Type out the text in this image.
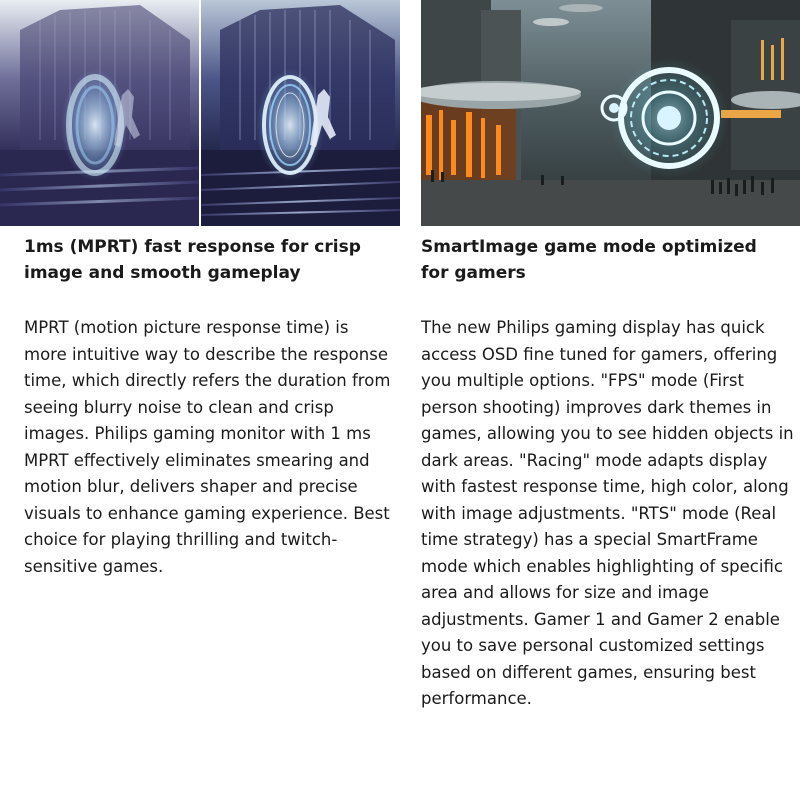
1ms (MPRT) fast response for crisp image and smooth gameplay
MPRT (motion picture response time) is more intuitive way to describe the response time, which directly refers the duration from seeing blurry noise to clean and crisp images. Philips gaming monitor with 1 ms MPRT effectively eliminates smearing and motion blur, delivers shaper and precise visuals to enhance gaming experience. Best choice for playing thrilling and twitch-sensitive games.
SmartImage game mode optimized for gamers
The new Philips gaming display has quick access OSD fine tuned for gamers, offering you multiple options. "FPS" mode (First person shooting) improves dark themes in games, allowing you to see hidden objects in dark areas. "Racing" mode adapts display with fastest response time, high color, along with image adjustments. "RTS" mode (Real time strategy) has a special SmartFrame mode which enables highlighting of specific area and allows for size and image adjustments. Gamer 1 and Gamer 2 enable you to save personal customized settings based on different games, ensuring best performance.
